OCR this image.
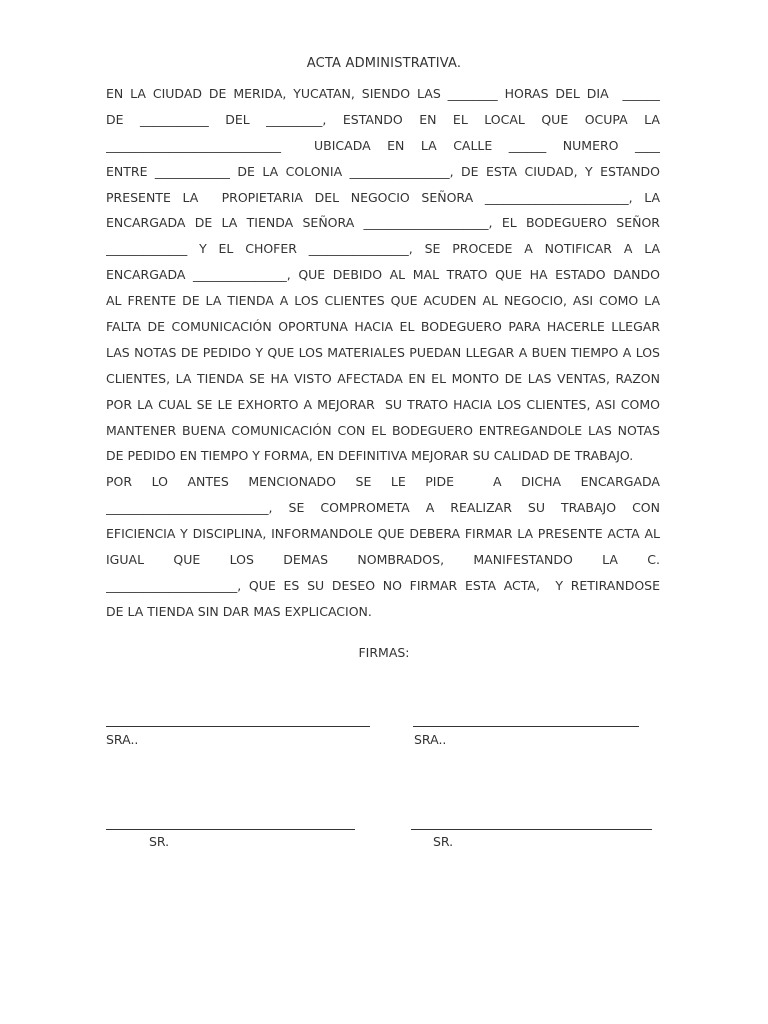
ACTA ADMINISTRATIVA.
EN LA CIUDAD DE MERIDA, YUCATAN, SIENDO LAS ________ HORAS DEL DIA  ______
DE ___________ DEL _________, ESTANDO EN EL LOCAL QUE OCUPA LA
____________________________  UBICADA EN LA CALLE ______ NUMERO ____
ENTRE ____________ DE LA COLONIA ________________, DE ESTA CIUDAD, Y ESTANDO
PRESENTE LA  PROPIETARIA DEL NEGOCIO SEÑORA _______________________, LA
ENCARGADA DE LA TIENDA SEÑORA ____________________, EL BODEGUERO SEÑOR
_____________ Y EL CHOFER ________________, SE PROCEDE A NOTIFICAR A LA
ENCARGADA _______________, QUE DEBIDO AL MAL TRATO QUE HA ESTADO DANDO
AL FRENTE DE LA TIENDA A LOS CLIENTES QUE ACUDEN AL NEGOCIO, ASI COMO LA
FALTA DE COMUNICACIÓN OPORTUNA HACIA EL BODEGUERO PARA HACERLE LLEGAR
LAS NOTAS DE PEDIDO Y QUE LOS MATERIALES PUEDAN LLEGAR A BUEN TIEMPO A LOS
CLIENTES, LA TIENDA SE HA VISTO AFECTADA EN EL MONTO DE LAS VENTAS, RAZON
POR LA CUAL SE LE EXHORTO A MEJORAR  SU TRATO HACIA LOS CLIENTES, ASI COMO
MANTENER BUENA COMUNICACIÓN CON EL BODEGUERO ENTREGANDOLE LAS NOTAS
DE PEDIDO EN TIEMPO Y FORMA, EN DEFINITIVA MEJORAR SU CALIDAD DE TRABAJO.
POR LO ANTES MENCIONADO SE LE PIDE  A DICHA ENCARGADA
__________________________, SE COMPROMETA A REALIZAR SU TRABAJO CON
EFICIENCIA Y DISCIPLINA, INFORMANDOLE QUE DEBERA FIRMAR LA PRESENTE ACTA AL
IGUAL QUE LOS DEMAS NOMBRADOS, MANIFESTANDO LA C.
_____________________, QUE ES SU DESEO NO FIRMAR ESTA ACTA,  Y RETIRANDOSE
DE LA TIENDA SIN DAR MAS EXPLICACION.
FIRMAS:
SRA..	SRA..
SR.	SR.
